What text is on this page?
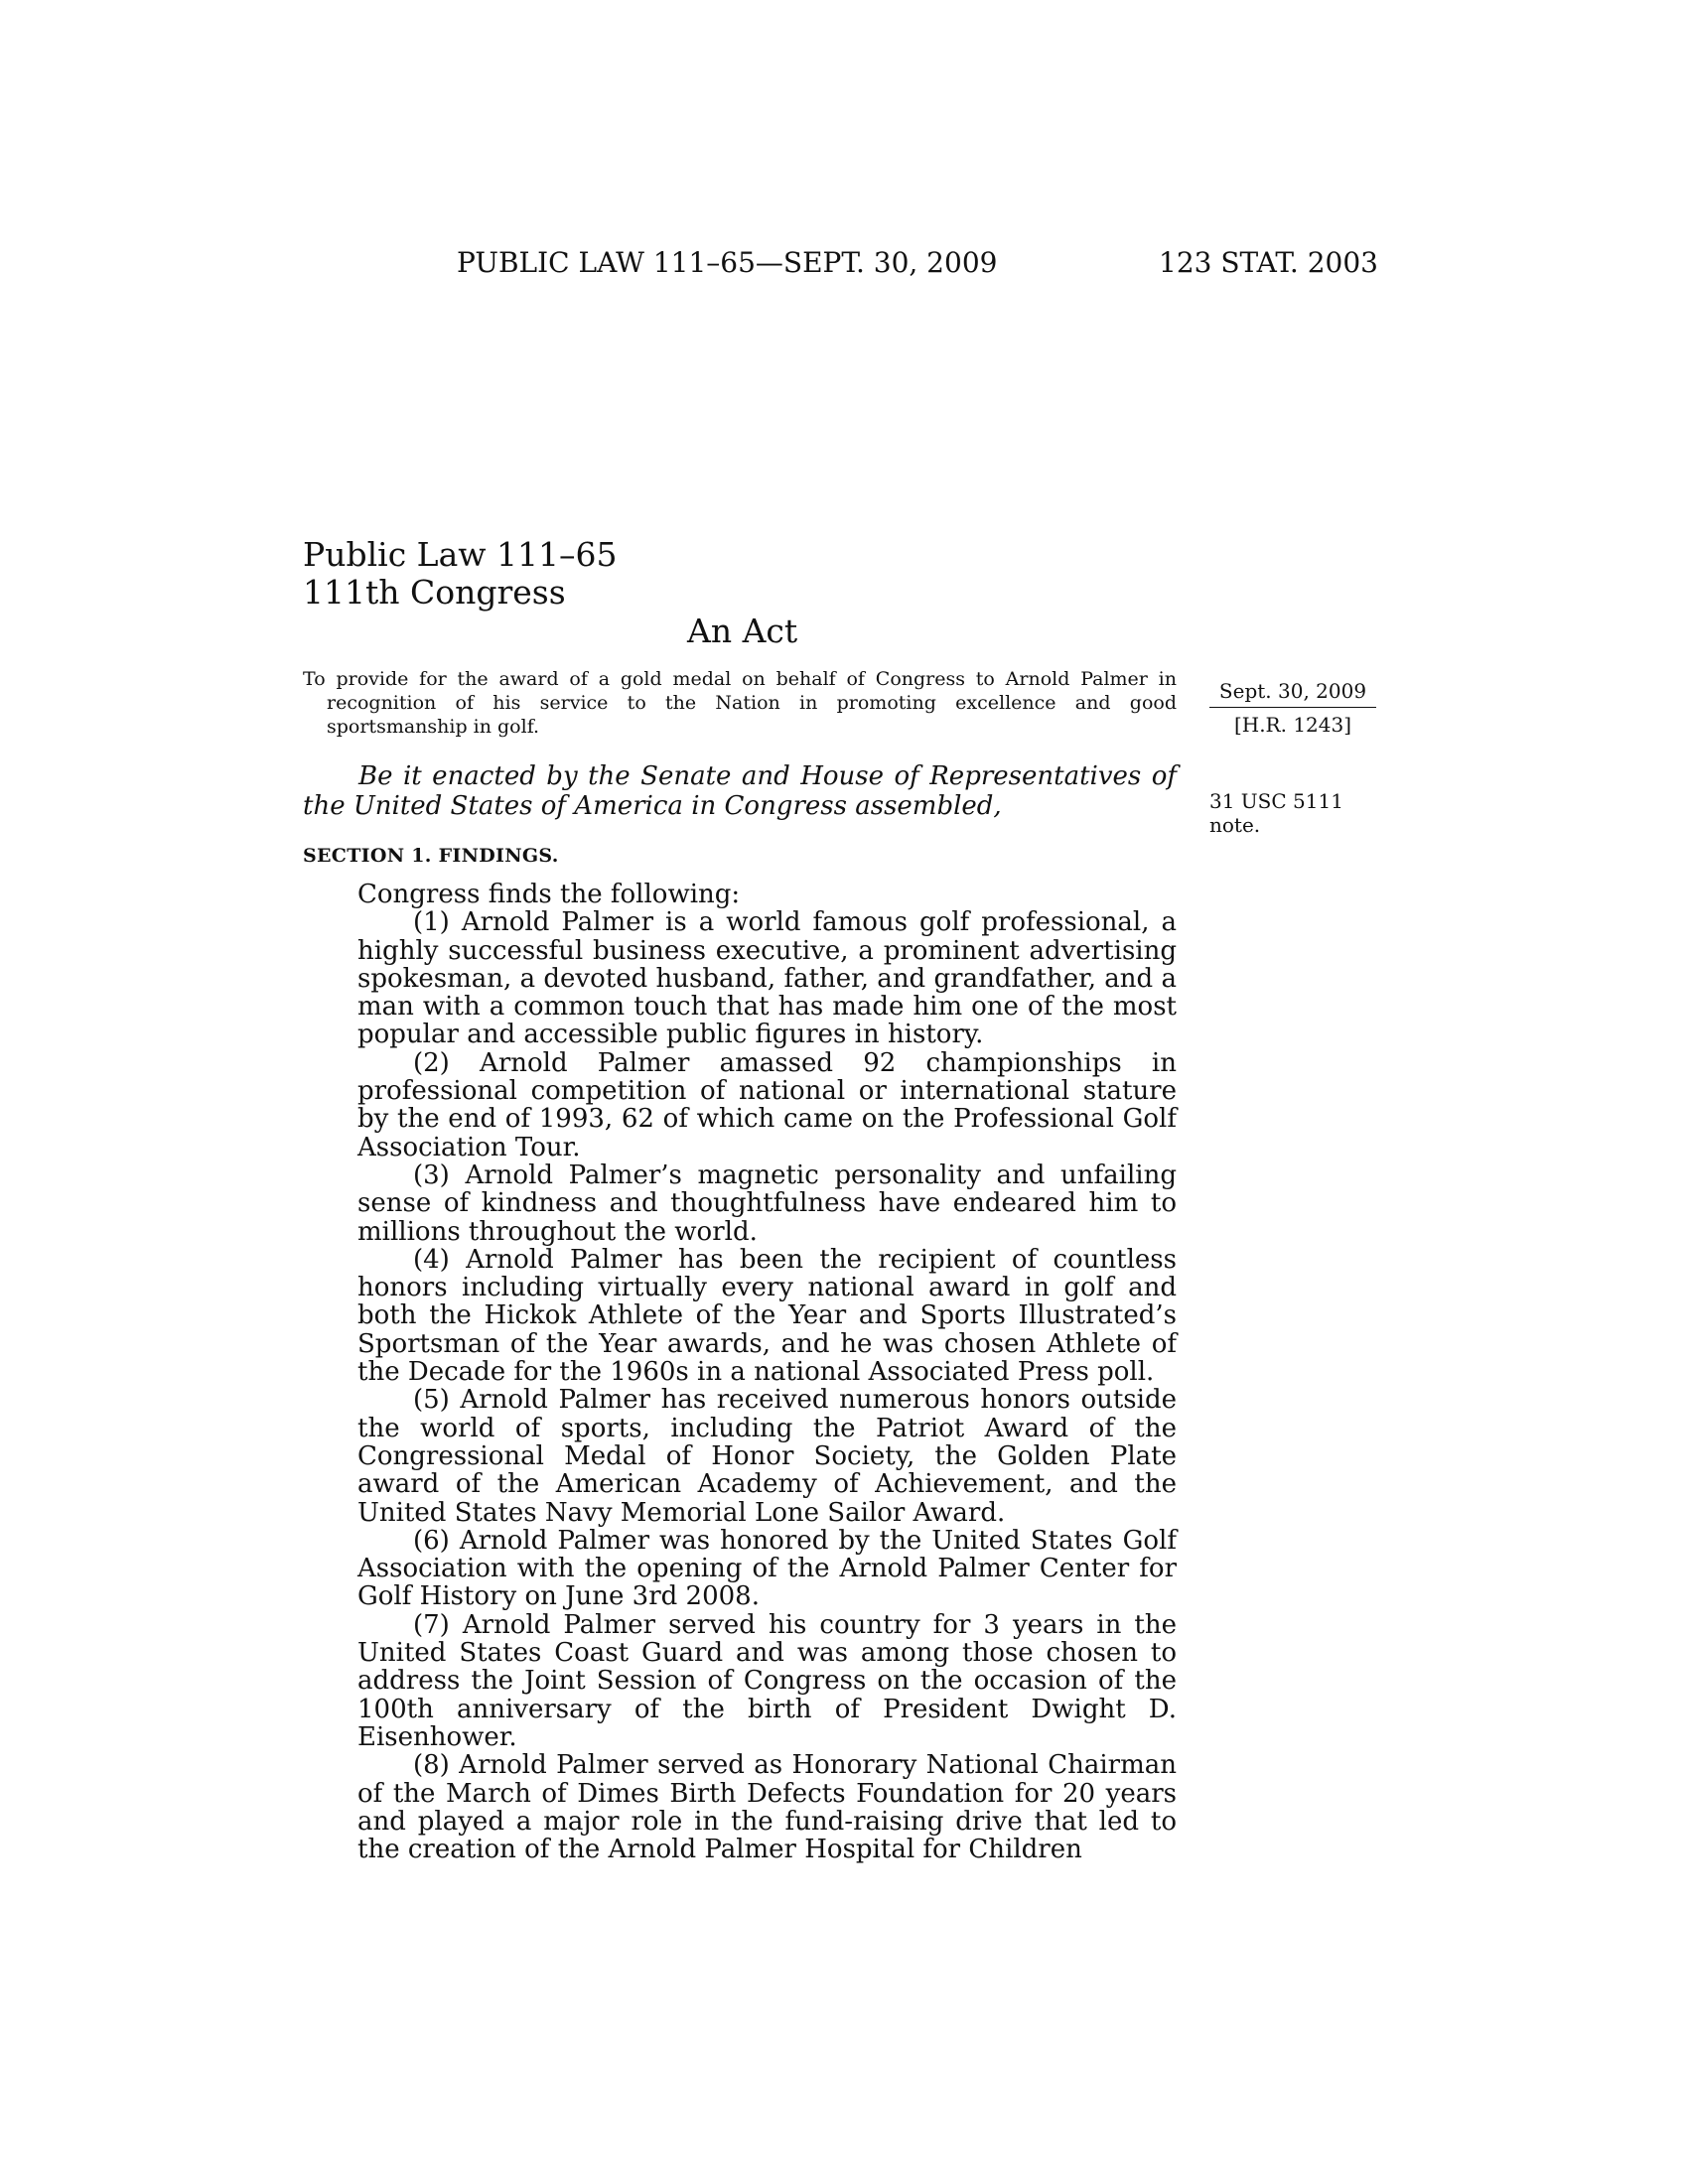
PUBLIC LAW 111–65—SEPT. 30, 2009	123 STAT. 2003
Public Law 111–65
111th Congress
An Act
To provide for the award of a gold medal on behalf of Congress to Arnold Palmer in recognition of his service to the Nation in promoting excellence and good sportsmanship in golf.
Sept. 30, 2009
[H.R. 1243]
Be it enacted by the Senate and House of Representatives of the United States of America in Congress assembled,	31 USC 5111
note.
SECTION 1. FINDINGS.

Congress finds the following:

(1) Arnold Palmer is a world famous golf professional, a highly successful business executive, a prominent advertising spokesman, a devoted husband, father, and grandfather, and a man with a common touch that has made him one of the most popular and accessible public figures in history.

(2) Arnold Palmer amassed 92 championships in professional competition of national or international stature by the end of 1993, 62 of which came on the Professional Golf Association Tour.

(3) Arnold Palmer’s magnetic personality and unfailing sense of kindness and thoughtfulness have endeared him to millions throughout the world.

(4) Arnold Palmer has been the recipient of countless honors including virtually every national award in golf and both the Hickok Athlete of the Year and Sports Illustrated’s Sportsman of the Year awards, and he was chosen Athlete of the Decade for the 1960s in a national Associated Press poll.

(5) Arnold Palmer has received numerous honors outside the world of sports, including the Patriot Award of the Congressional Medal of Honor Society, the Golden Plate award of the American Academy of Achievement, and the United States Navy Memorial Lone Sailor Award.

(6) Arnold Palmer was honored by the United States Golf Association with the opening of the Arnold Palmer Center for Golf History on June 3rd 2008.

(7) Arnold Palmer served his country for 3 years in the United States Coast Guard and was among those chosen to address the Joint Session of Congress on the occasion of the 100th anniversary of the birth of President Dwight D. Eisenhower.

(8) Arnold Palmer served as Honorary National Chairman of the March of Dimes Birth Defects Foundation for 20 years and played a major role in the fund-raising drive that led to the creation of the Arnold Palmer Hospital for Children
